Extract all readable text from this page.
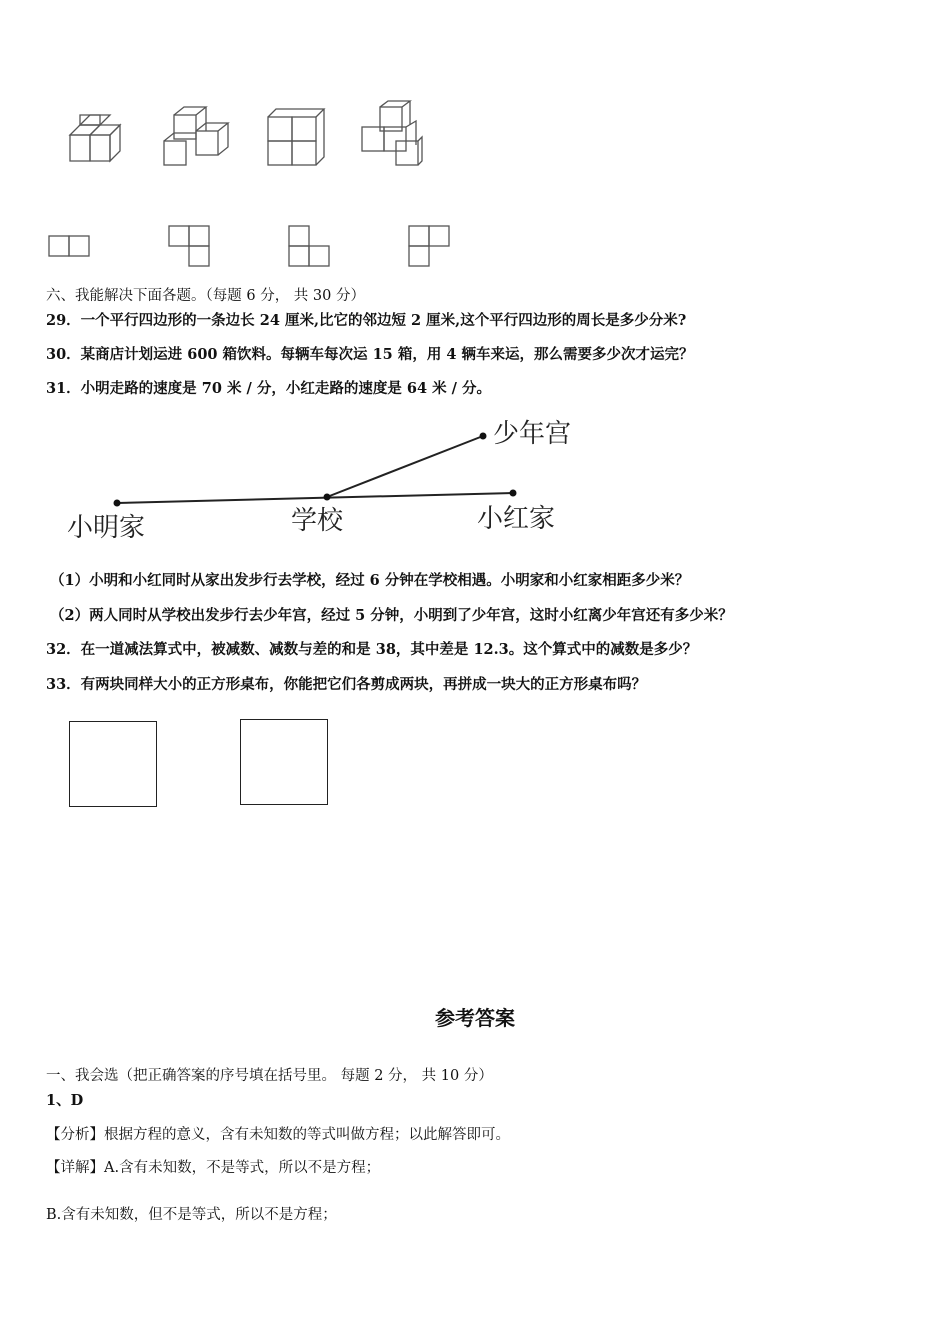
六、我能解决下面各题。（每题 6 分， 共 30 分）
29．一个平行四边形的一条边长 24 厘米,比它的邻边短 2 厘米,这个平行四边形的周长是多少分米?
30．某商店计划运进 600 箱饮料。每辆车每次运 15 箱，用 4 辆车来运，那么需要多少次才运完？
31．小明走路的速度是 70 米 / 分，小红走路的速度是 64 米 / 分。
少年宫
小明家	学校	小红家
（1）小明和小红同时从家出发步行去学校，经过 6 分钟在学校相遇。小明家和小红家相距多少米？
（2）两人同时从学校出发步行去少年宫，经过 5 分钟，小明到了少年宫，这时小红离少年宫还有多少米？
32．在一道减法算式中，被减数、减数与差的和是 38，其中差是 12.3。这个算式中的减数是多少？
33．有两块同样大小的正方形桌布，你能把它们各剪成两块，再拼成一块大的正方形桌布吗？
参考答案
一、我会选（把正确答案的序号填在括号里。 每题 2 分， 共 10 分）
1、D
【分析】根据方程的意义，含有未知数的等式叫做方程；以此解答即可。
【详解】A.含有未知数，不是等式，所以不是方程；
B.含有未知数，但不是等式，所以不是方程；
